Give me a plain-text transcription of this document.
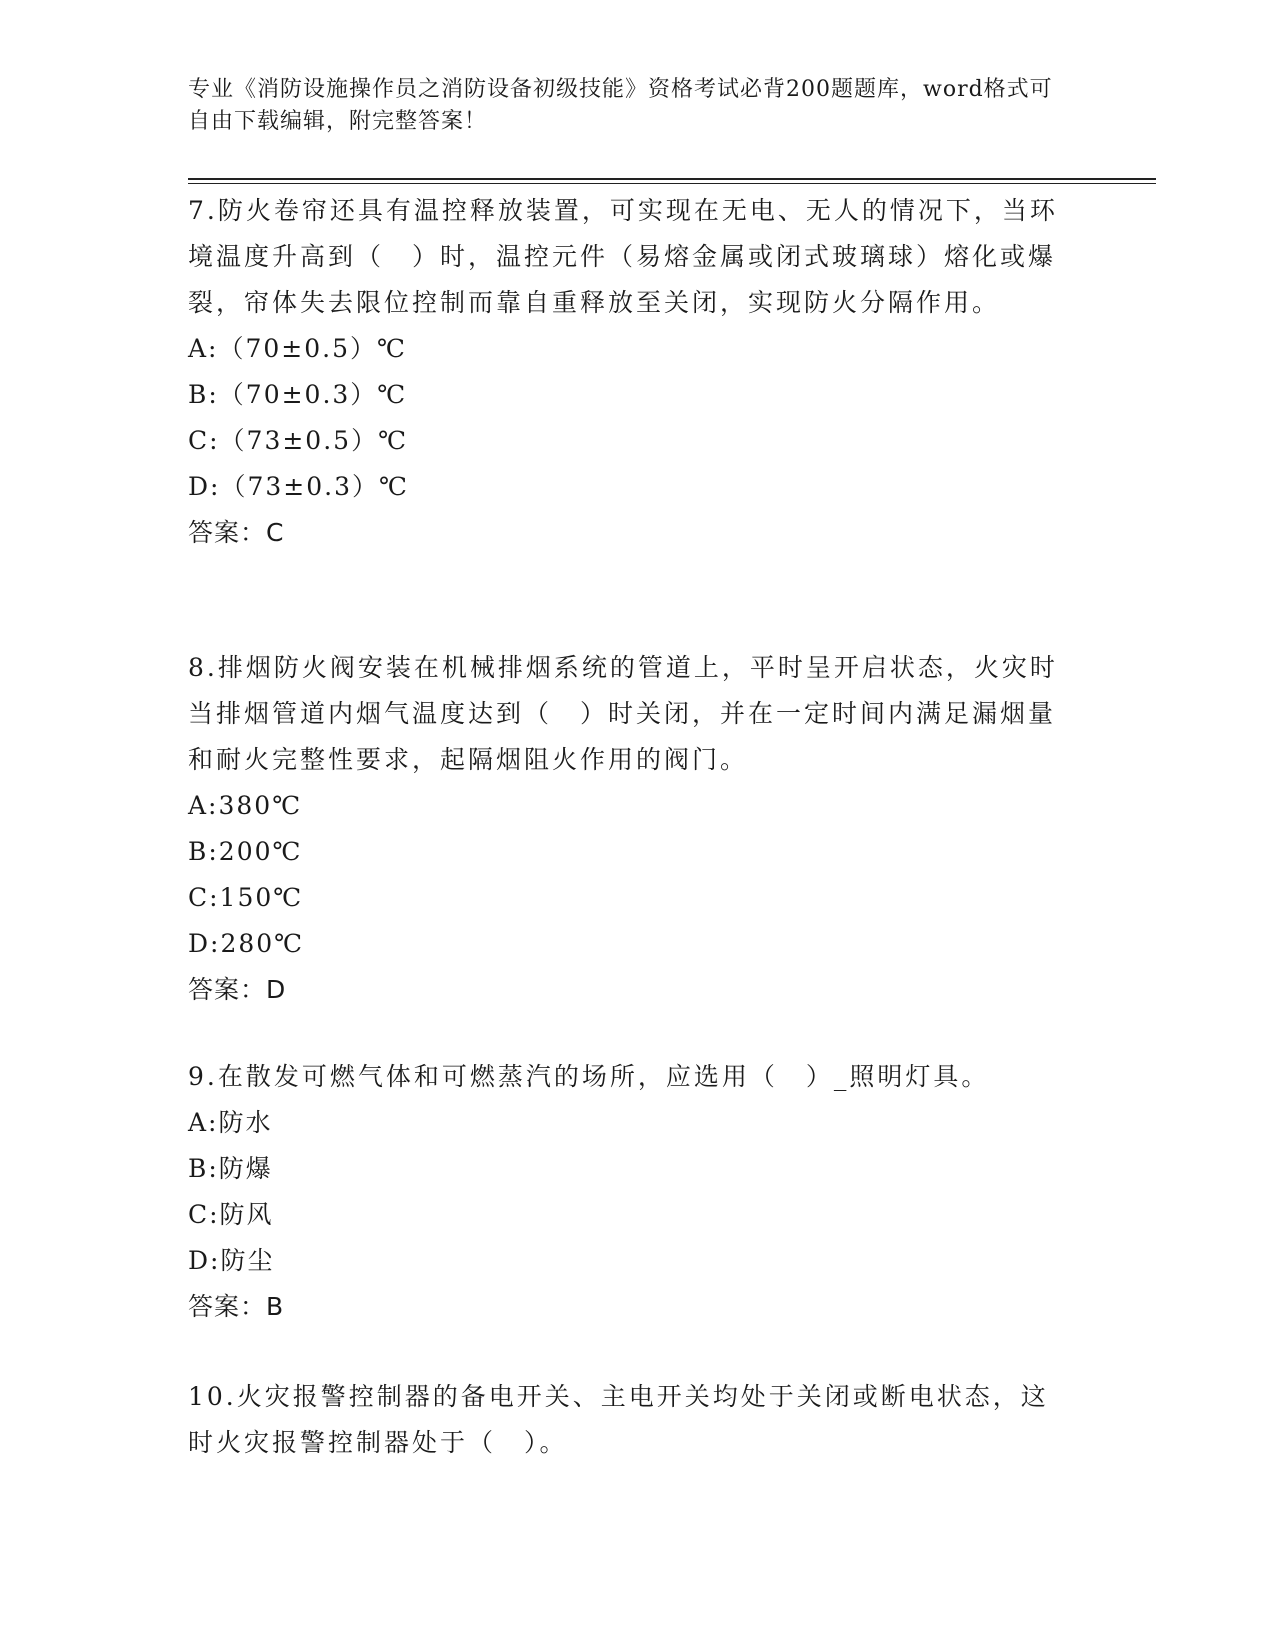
专业《消防设施操作员之消防设备初级技能》资格考试必背200题题库，word格式可自由下载编辑，附完整答案！
7.防火卷帘还具有温控释放装置，可实现在无电、无人的情况下，当环境温度升高到（　）时，温控元件（易熔金属或闭式玻璃球）熔化或爆裂，帘体失去限位控制而靠自重释放至关闭，实现防火分隔作用。
A:（70±0.5）℃
B:（70±0.3）℃
C:（73±0.5）℃
D:（73±0.3）℃
答案：C
8.排烟防火阀安装在机械排烟系统的管道上，平时呈开启状态，火灾时当排烟管道内烟气温度达到（　）时关闭，并在一定时间内满足漏烟量和耐火完整性要求，起隔烟阻火作用的阀门。
A:380℃
B:200℃
C:150℃
D:280℃
答案：D
9.在散发可燃气体和可燃蒸汽的场所，应选用（　）_照明灯具。
A:防水
B:防爆
C:防风
D:防尘
答案：B
10.火灾报警控制器的备电开关、主电开关均处于关闭或断电状态，这时火灾报警控制器处于（　）。
